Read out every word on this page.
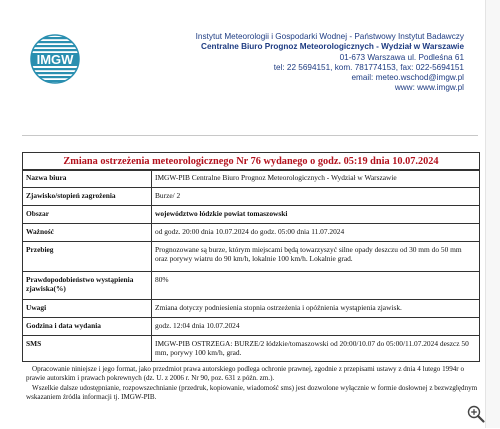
IMGW
Instytut Meteorologii i Gospodarki Wodnej - Państwowy Instytut Badawczy
Centralne Biuro Prognoz Meteorologicznych - Wydział w Warszawie
01-673 Warszawa ul. Podleśna 61
tel: 22 5694151, kom. 781774153, fax: 022-5694151
email: meteo.wschod@imgw.pl
www: www.imgw.pl
Zmiana ostrzeżenia meteorologicznego Nr 76 wydanego o godz. 05:19 dnia 10.07.2024
Nazwa biura	IMGW-PIB Centralne Biuro Prognoz Meteorologicznych - Wydział w Warszawie
Zjawisko/stopień zagrożenia	Burze/ 2
Obszar	województwo łódzkie powiat tomaszowski
Ważność	od godz. 20:00 dnia 10.07.2024 do godz. 05:00 dnia 11.07.2024
Przebieg	Prognozowane są burze, którym miejscami będą towarzyszyć silne opady deszczu od 30 mm do 50 mm oraz porywy wiatru do 90 km/h, lokalnie 100 km/h. Lokalnie grad.
Prawdopodobieństwo wystąpienia zjawiska(%)	80%
Uwagi	Zmiana dotyczy podniesienia stopnia ostrzeżenia i opóźnienia wystąpienia zjawisk.
Godzina i data wydania	godz. 12:04 dnia 10.07.2024
SMS	IMGW-PIB OSTRZEGA: BURZE/2 łódzkie/tomaszowski od 20:00/10.07 do 05:00/11.07.2024 deszcz 50 mm, porywy 100 km/h, grad.

Opracowanie niniejsze i jego format, jako przedmiot prawa autorskiego podlega ochronie prawnej, zgodnie z przepisami ustawy z dnia 4 lutego 1994r o prawie autorskim i prawach pokrewnych (dz. U. z 2006 r. Nr 90, poz. 631 z późn. zm.).

Wszelkie dalsze udostępnianie, rozpowszechnianie (przedruk, kopiowanie, wiadomość sms) jest dozwolone wyłącznie w formie dosłownej z bezwzględnym wskazaniem źródła informacji tj. IMGW-PIB.
